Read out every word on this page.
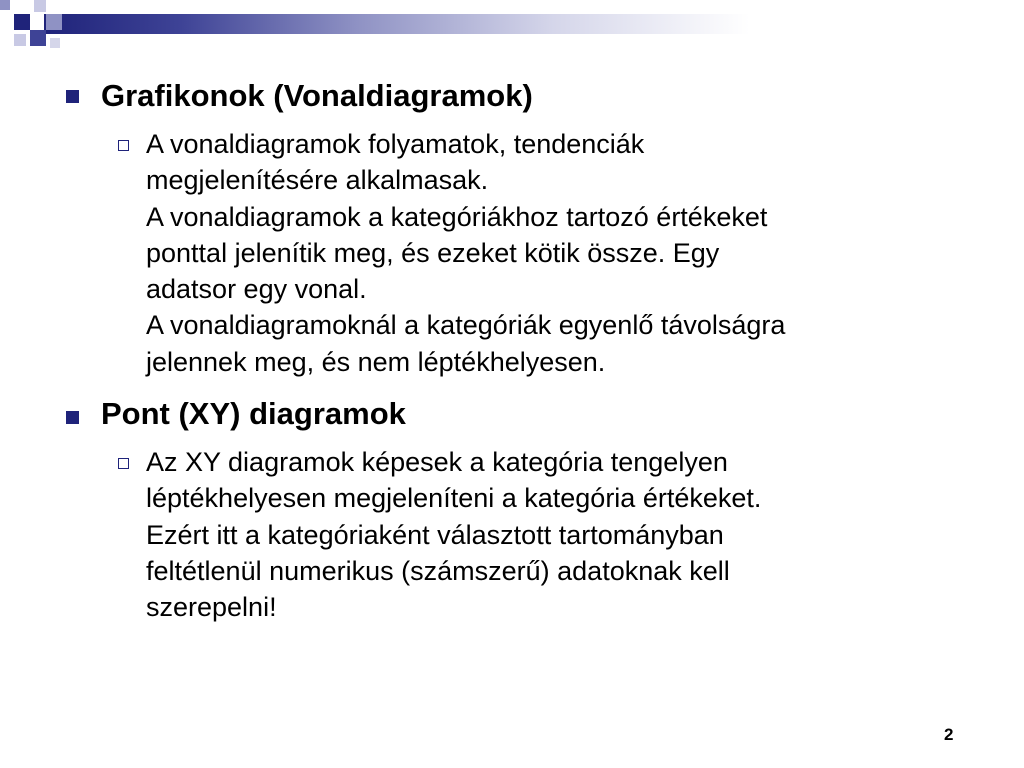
Grafikonok (Vonaldiagramok)
A vonaldiagramok folyamatok, tendenciák
megjelenítésére alkalmasak.
A vonaldiagramok a kategóriákhoz tartozó értékeket
ponttal jelenítik meg, és ezeket kötik össze. Egy
adatsor egy vonal.
A vonaldiagramoknál a kategóriák egyenlő távolságra
jelennek meg, és nem léptékhelyesen.
Pont (XY) diagramok
Az XY diagramok képesek a kategória tengelyen
léptékhelyesen megjeleníteni a kategória értékeket.
Ezért itt a kategóriaként választott tartományban
feltétlenül numerikus (számszerű) adatoknak kell
szerepelni!
2
